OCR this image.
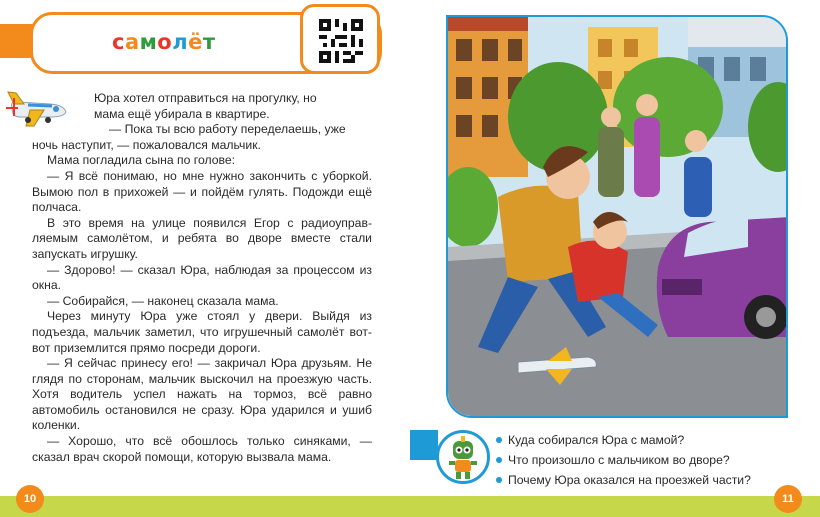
самолёт

Юра хотел отправиться на прогулку, но

мама ещё убирала в квартире.

— Пока ты всю работу переделаешь, уже

ночь наступит, — пожаловался мальчик.

Мама погладила сына по голове:

— Я всё понимаю, но мне нужно закончить с уборкой. Вымою пол в прихожей — и пойдём гулять. Подожди ещё полчаса.

В это время на улице появился Егор с радиоуправляемым самолётом, и ребята во дворе вместе стали запускать игрушку.

— Здорово! — сказал Юра, наблюдая за процессом из окна.

— Собирайся, — наконец сказала мама.

Через минуту Юра уже стоял у двери. Выйдя из подъезда, мальчик заметил, что игрушечный самолёт вот-вот приземлится прямо посреди дороги.

— Я сейчас принесу его! — закричал Юра друзьям. Не глядя по сторонам, мальчик выскочил на проезжую часть. Хотя водитель успел нажать на тормоз, всё равно автомобиль остановился не сразу. Юра ударился и ушиб коленки.

— Хорошо, что всё обошлось только синяками, — сказал врач скорой помощи, которую вызвала мама.

Куда собирался Юра с мамой?
Что произошло с мальчиком во дворе?
Почему Юра оказался на проезжей части?
10	11
